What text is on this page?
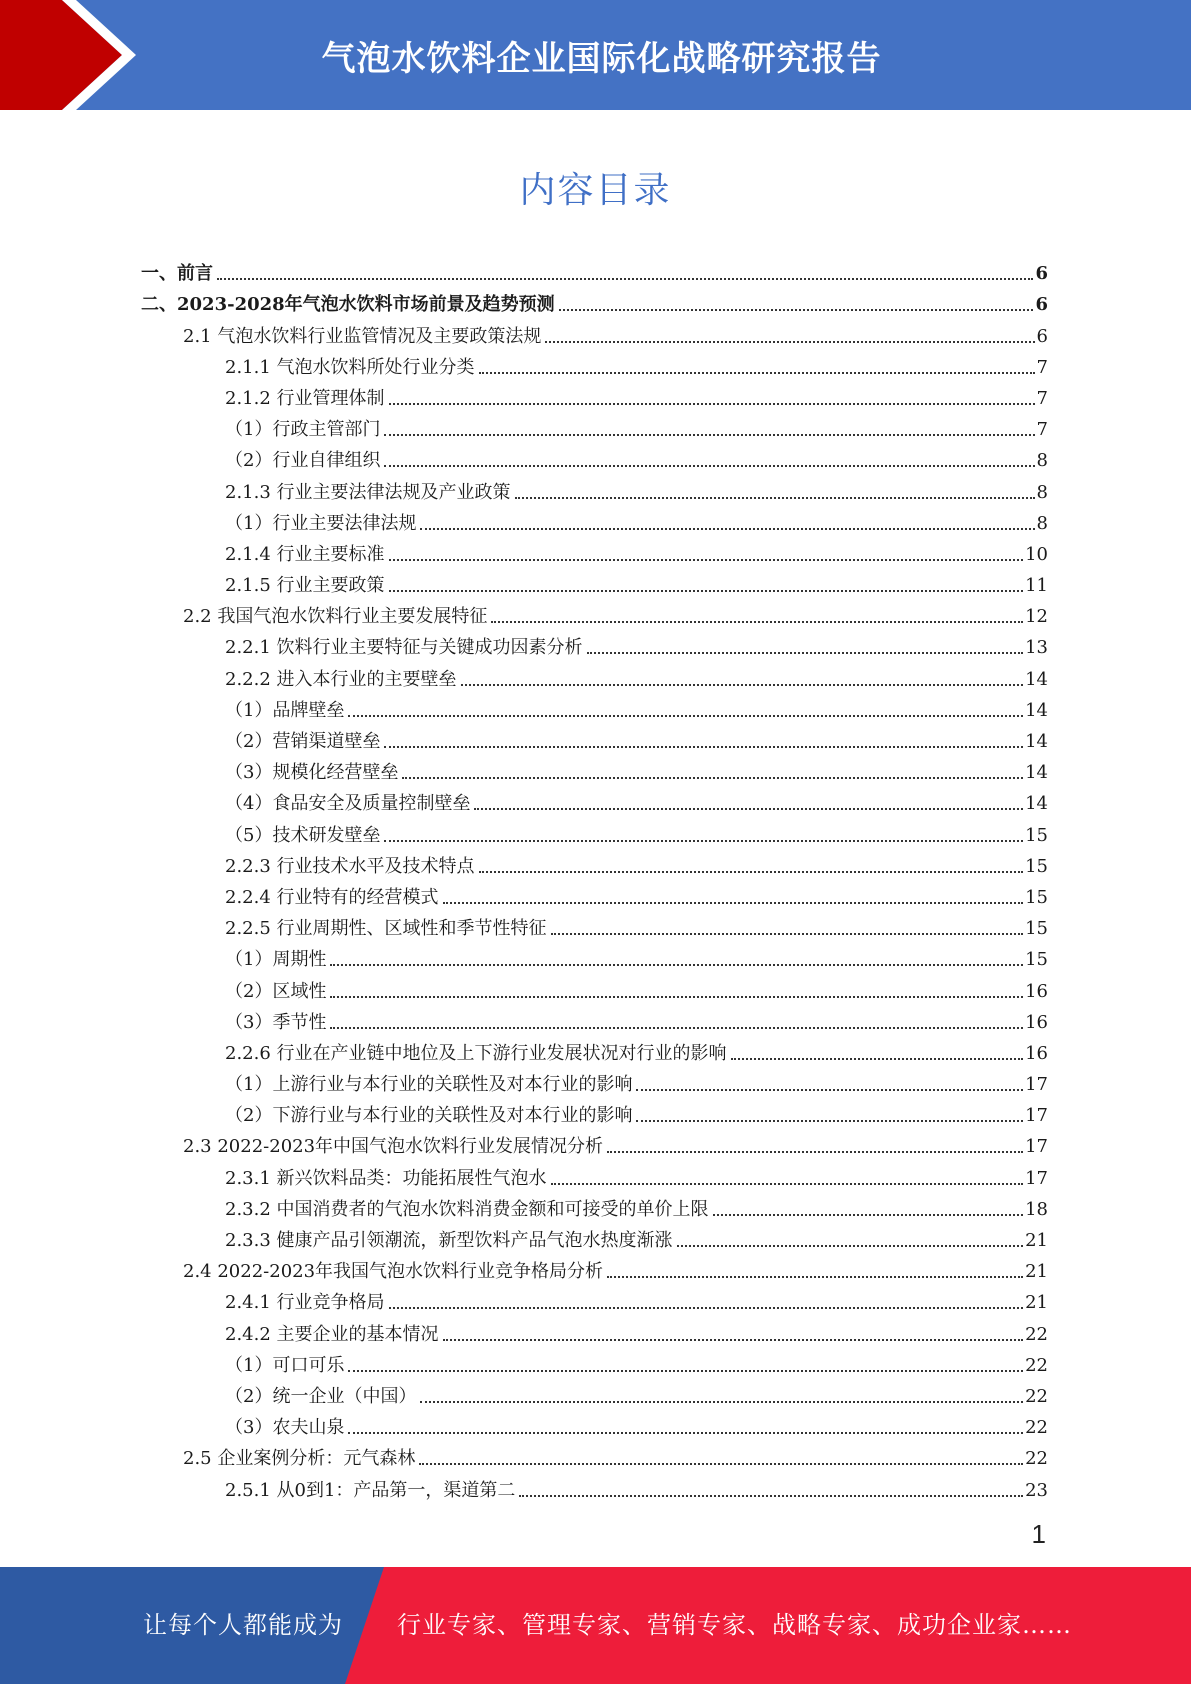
气泡水饮料企业国际化战略研究报告
内容目录
一、前言	6
二、2023-2028年气泡水饮料市场前景及趋势预测	6
2.1 气泡水饮料行业监管情况及主要政策法规	6
2.1.1 气泡水饮料所处行业分类	7
2.1.2 行业管理体制	7
（1）行政主管部门	7
（2）行业自律组织	8
2.1.3 行业主要法律法规及产业政策	8
（1）行业主要法律法规	8
2.1.4 行业主要标准	10
2.1.5 行业主要政策	11
2.2 我国气泡水饮料行业主要发展特征	12
2.2.1 饮料行业主要特征与关键成功因素分析	13
2.2.2 进入本行业的主要壁垒	14
（1）品牌壁垒	14
（2）营销渠道壁垒	14
（3）规模化经营壁垒	14
（4）食品安全及质量控制壁垒	14
（5）技术研发壁垒	15
2.2.3 行业技术水平及技术特点	15
2.2.4 行业特有的经营模式	15
2.2.5 行业周期性、区域性和季节性特征	15
（1）周期性	15
（2）区域性	16
（3）季节性	16
2.2.6 行业在产业链中地位及上下游行业发展状况对行业的影响	16
（1）上游行业与本行业的关联性及对本行业的影响	17
（2）下游行业与本行业的关联性及对本行业的影响	17
2.3 2022-2023年中国气泡水饮料行业发展情况分析	17
2.3.1 新兴饮料品类：功能拓展性气泡水	17
2.3.2 中国消费者的气泡水饮料消费金额和可接受的单价上限	18
2.3.3 健康产品引领潮流，新型饮料产品气泡水热度渐涨	21
2.4 2022-2023年我国气泡水饮料行业竞争格局分析	21
2.4.1 行业竞争格局	21
2.4.2 主要企业的基本情况	22
（1）可口可乐	22
（2）统一企业（中国）	22
（3）农夫山泉	22
2.5 企业案例分析：元气森林	22
2.5.1 从0到1：产品第一，渠道第二	23
1
让每个人都能成为 行业专家、管理专家、营销专家、战略专家、成功企业家……
